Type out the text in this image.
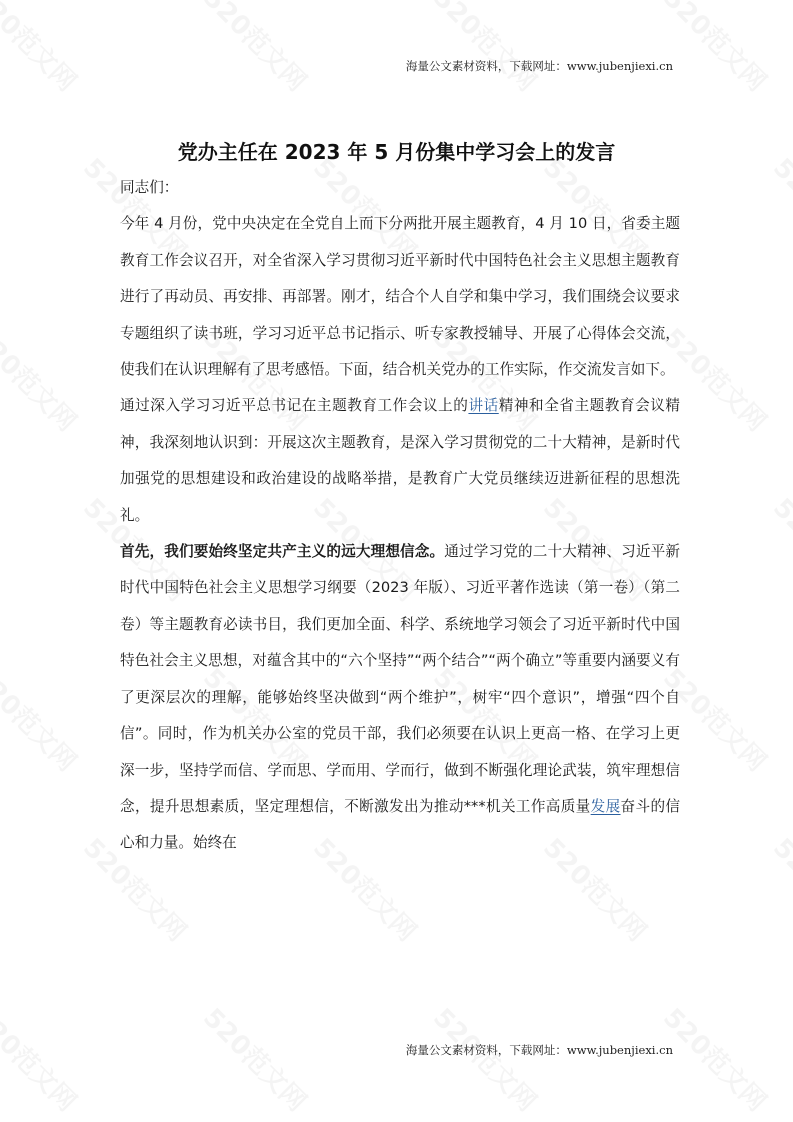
海量公文素材资料，下载网址：www.jubenjiexi.cn
党办主任在 2023 年 5 月份集中学习会上的发言

同志们：

今年 4 月份，党中央决定在全党自上而下分两批开展主题教育，4 月 10 日，省委主题教育工作会议召开，对全省深入学习贯彻习近平新时代中国特色社会主义思想主题教育进行了再动员、再安排、再部署。刚才，结合个人自学和集中学习，我们围绕会议要求专题组织了读书班，学习习近平总书记指示、听专家教授辅导、开展了心得体会交流，使我们在认识理解有了思考感悟。下面，结合机关党办的工作实际，作交流发言如下。

通过深入学习习近平总书记在主题教育工作会议上的讲话精神和全省主题教育会议精神，我深刻地认识到：开展这次主题教育，是深入学习贯彻党的二十大精神，是新时代加强党的思想建设和政治建设的战略举措，是教育广大党员继续迈进新征程的思想洗礼。

首先，我们要始终坚定共产主义的远大理想信念。通过学习党的二十大精神、习近平新时代中国特色社会主义思想学习纲要（2023 年版）、习近平著作选读（第一卷）（第二卷）等主题教育必读书目，我们更加全面、科学、系统地学习领会了习近平新时代中国特色社会主义思想，对蕴含其中的“六个坚持”“两个结合”“两个确立”等重要内涵要义有了更深层次的理解，能够始终坚决做到“两个维护”，树牢“四个意识”，增强“四个自信”。同时，作为机关办公室的党员干部，我们必须要在认识上更高一格、在学习上更深一步，坚持学而信、学而思、学而用、学而行，做到不断强化理论武装，筑牢理想信念，提升思想素质，坚定理想信，不断激发出为推动***机关工作高质量发展奋斗的信心和力量。始终在

海量公文素材资料，下载网址：www.jubenjiexi.cn
